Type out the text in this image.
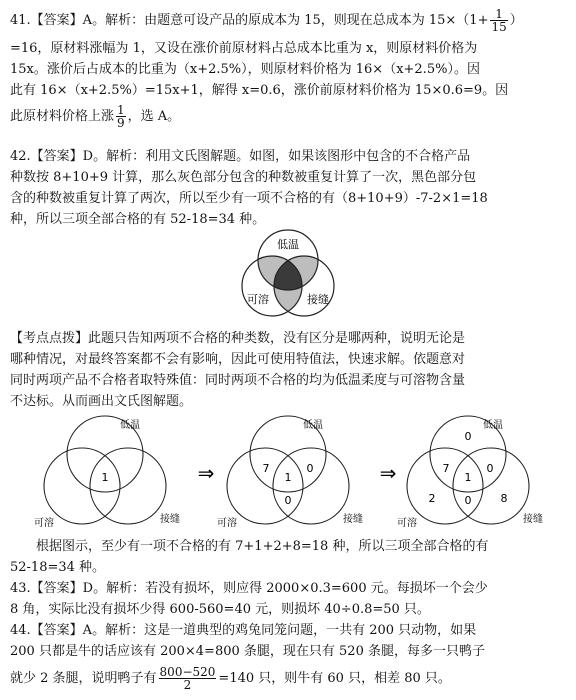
41.【答案】A。解析：由题意可设产品的原成本为 15，则现在总成本为 $15\times(1+ \frac{1}{15}$ ）
=16，原材料涨幅为 1，又设在涨价前原材料占总成本比重为 x，则原材料价格为
15x。涨价后占成本的比重为（x+2.5%），则原材料价格为 16×（x+2.5%）。因
此有 16×（x+2.5%）=15x+1，解得 x=0.6，涨价前原材料价格为 15×0.6=9。因
此原材料价格上涨 $\frac{1}{9}$ ，选 A。
42.【答案】D。解析：利用文氏图解题。如图，如果该图形中包含的不合格产品
种数按 8+10+9 计算，那么灰色部分包含的种数被重复计算了一次，黑色部分包
含的种数被重复计算了两次，所以至少有一项不合格的有（8+10+9）-7-2×1=18
种，所以三项全部合格的有 52-18=34 种。
低温
可溶	接缝
【考点点拨】此题只告知两项不合格的种类数，没有区分是哪两种，说明无论是
哪种情况，对最终答案都不会有影响，因此可使用特值法，快速求解。依题意对
同时两项产品不合格者取特殊值：同时两项不合格的均为低温柔度与可溶物含量
不达标。从而画出文氏图解题。
低温
可溶	接缝
1	⇒
低温
可溶	接缝
7
1
0
0
⇒
低温
可溶	接缝
0
7
1
0
2	0	8
根据图示，至少有一项不合格的有 7+1+2+8=18 种，所以三项全部合格的有
52-18=34 种。
43.【答案】D。解析：若没有损坏，则应得 2000×0.3=600 元。每损坏一个会少
8 角，实际比没有损坏少得 600-560=40 元，则损坏 40÷0.8=50 只。
44.【答案】A。解析：这是一道典型的鸡兔同笼问题，一共有 200 只动物，如果
200 只都是牛的话应该有 200×4=800 条腿，现在只有 520 条腿，每多一只鸭子
就少 2 条腿，说明鸭子有 $\frac{800-520}{2} =140$ 只，则牛有 60 只，相差 80 只。
